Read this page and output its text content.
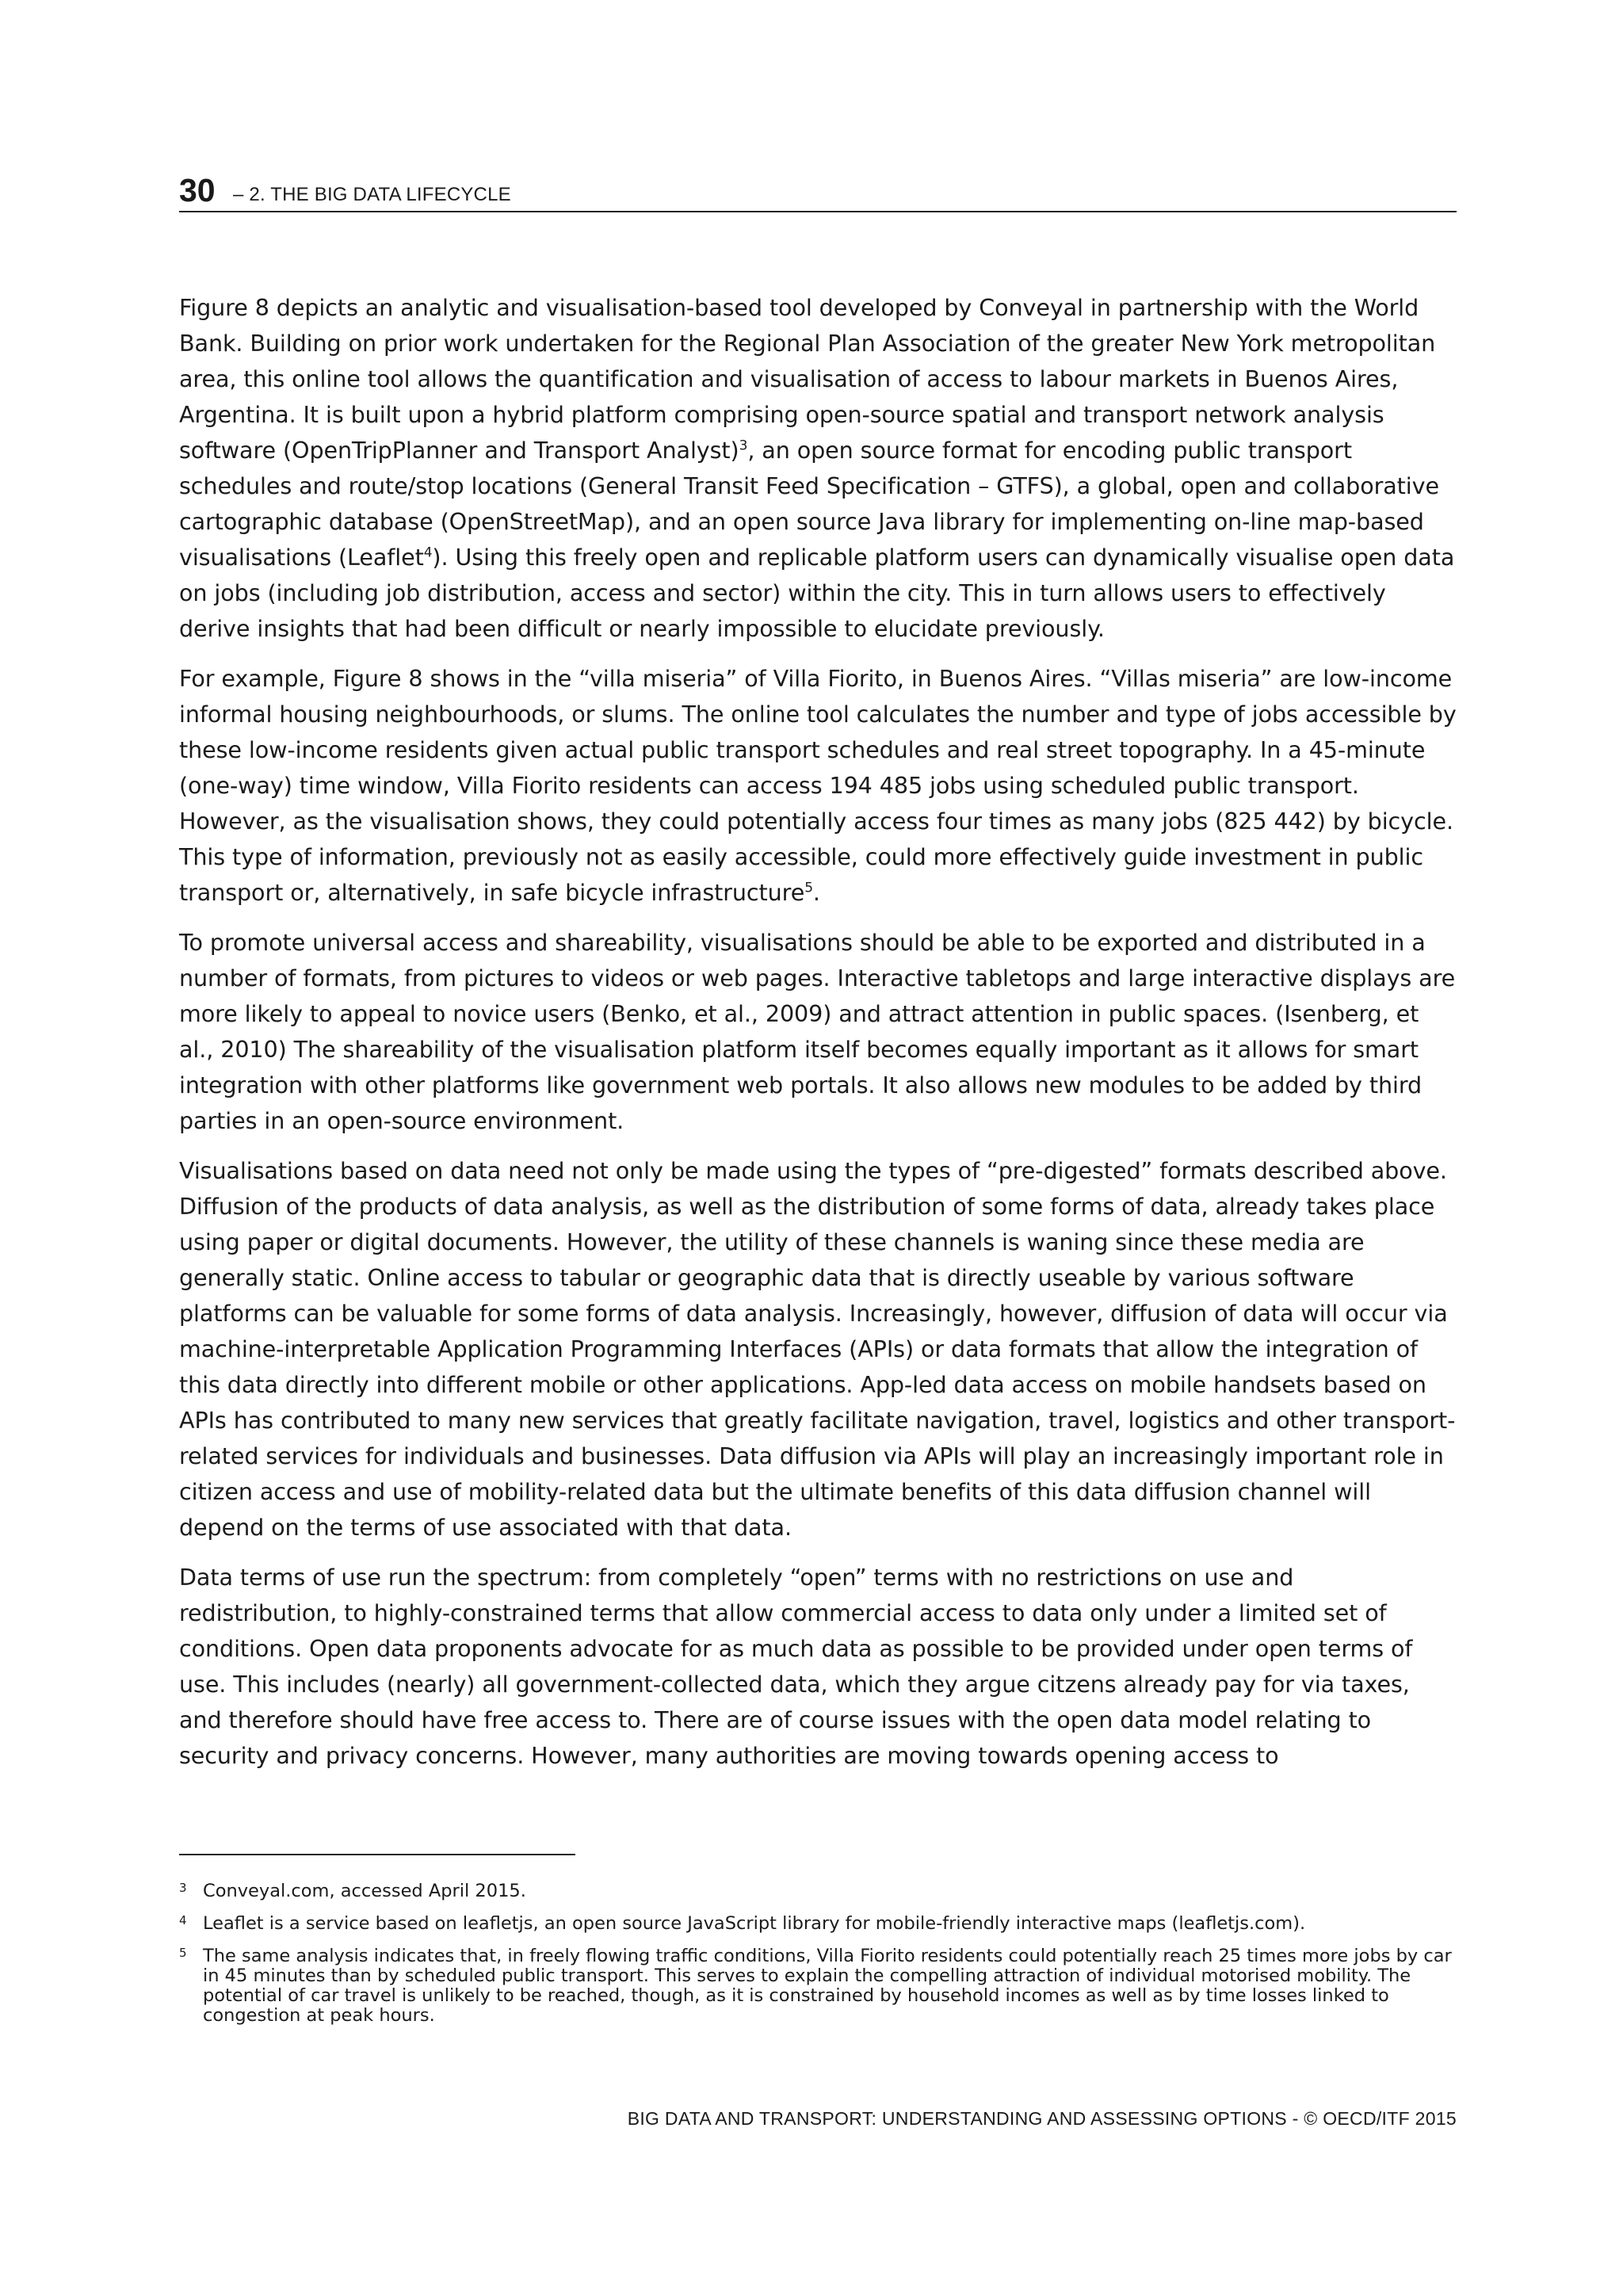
30 – 2. THE BIG DATA LIFECYCLE

Figure 8 depicts an analytic and visualisation-based tool developed by Conveyal in partnership with the World Bank. Building on prior work undertaken for the Regional Plan Association of the greater New York metropolitan area, this online tool allows the quantification and visualisation of access to labour markets in Buenos Aires, Argentina. It is built upon a hybrid platform comprising open-source spatial and transport network analysis software (OpenTripPlanner and Transport Analyst)$^3$, an open source format for encoding public transport schedules and route/stop locations (General Transit Feed Specification – GTFS), a global, open and collaborative cartographic database (OpenStreetMap), and an open source Java library for implementing on-line map-based visualisations (Leaflet$^4$). Using this freely open and replicable platform users can dynamically visualise open data on jobs (including job distribution, access and sector) within the city. This in turn allows users to effectively derive insights that had been difficult or nearly impossible to elucidate previously.

For example, Figure 8 shows in the “villa miseria” of Villa Fiorito, in Buenos Aires. “Villas miseria” are low-income informal housing neighbourhoods, or slums. The online tool calculates the number and type of jobs accessible by these low-income residents given actual public transport schedules and real street topography. In a 45-minute (one-way) time window, Villa Fiorito residents can access 194 485 jobs using scheduled public transport. However, as the visualisation shows, they could potentially access four times as many jobs (825 442) by bicycle. This type of information, previously not as easily accessible, could more effectively guide investment in public transport or, alternatively, in safe bicycle infrastructure$^5$.

To promote universal access and shareability, visualisations should be able to be exported and distributed in a number of formats, from pictures to videos or web pages. Interactive tabletops and large interactive displays are more likely to appeal to novice users (Benko, et al., 2009) and attract attention in public spaces. (Isenberg, et al., 2010) The shareability of the visualisation platform itself becomes equally important as it allows for smart integration with other platforms like government web portals. It also allows new modules to be added by third parties in an open-source environment.

Visualisations based on data need not only be made using the types of “pre-digested” formats described above. Diffusion of the products of data analysis, as well as the distribution of some forms of data, already takes place using paper or digital documents. However, the utility of these channels is waning since these media are generally static. Online access to tabular or geographic data that is directly useable by various software platforms can be valuable for some forms of data analysis. Increasingly, however, diffusion of data will occur via machine-interpretable Application Programming Interfaces (APIs) or data formats that allow the integration of this data directly into different mobile or other applications. App-led data access on mobile handsets based on APIs has contributed to many new services that greatly facilitate navigation, travel, logistics and other transport-related services for individuals and businesses. Data diffusion via APIs will play an increasingly important role in citizen access and use of mobility-related data but the ultimate benefits of this data diffusion channel will depend on the terms of use associated with that data.

Data terms of use run the spectrum: from completely “open” terms with no restrictions on use and redistribution, to highly-constrained terms that allow commercial access to data only under a limited set of conditions. Open data proponents advocate for as much data as possible to be provided under open terms of use. This includes (nearly) all government-collected data, which they argue citzens already pay for via taxes, and therefore should have free access to. There are of course issues with the open data model relating to security and privacy concerns. However, many authorities are moving towards opening access to

3 Conveyal.com, accessed April 2015.
4 Leaflet is a service based on leafletjs, an open source JavaScript library for mobile-friendly interactive maps (leafletjs.com).
5 The same analysis indicates that, in freely flowing traffic conditions, Villa Fiorito residents could potentially reach 25 times more jobs by car in 45 minutes than by scheduled public transport. This serves to explain the compelling attraction of individual motorised mobility. The potential of car travel is unlikely to be reached, though, as it is constrained by household incomes as well as by time losses linked to congestion at peak hours.
BIG DATA AND TRANSPORT: UNDERSTANDING AND ASSESSING OPTIONS - © OECD/ITF 2015
